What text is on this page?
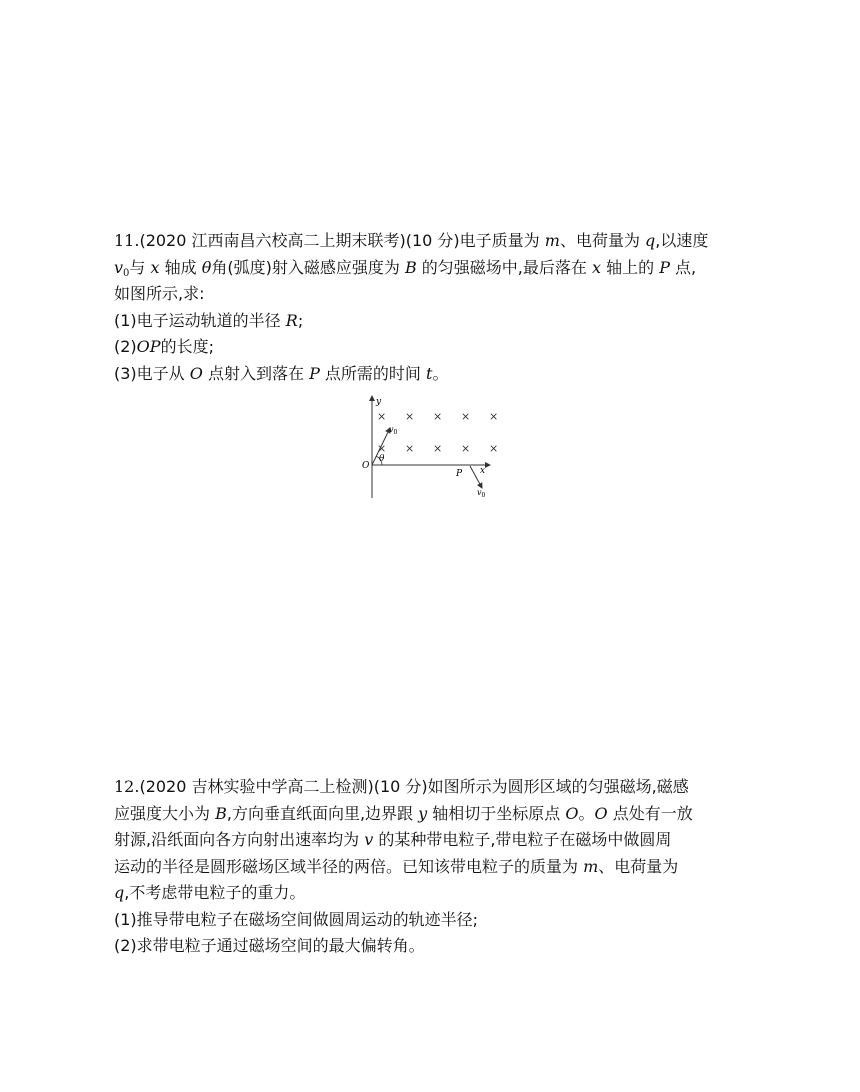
11.(2020 江西南昌六校高二上期末联考)(10 分)电子质量为 m、电荷量为 q,以速度
$v_0$与 x 轴成 θ角(弧度)射入磁感应强度为 B 的匀强磁场中,最后落在 x 轴上的 P 点,
如图所示,求:
(1)电子运动轨道的半径 R;
(2)OP的长度;
(3)电子从 O 点射入到落在 P 点所需的时间 t。
y
x
O
× × × × ×
× × × × ×
$v_0$
θ
P
$v_0$
12.(2020 吉林实验中学高二上检测)(10 分)如图所示为圆形区域的匀强磁场,磁感
应强度大小为 B,方向垂直纸面向里,边界跟 y 轴相切于坐标原点 O。O 点处有一放
射源,沿纸面向各方向射出速率均为 v 的某种带电粒子,带电粒子在磁场中做圆周
运动的半径是圆形磁场区域半径的两倍。已知该带电粒子的质量为 m、电荷量为
q,不考虑带电粒子的重力。
(1)推导带电粒子在磁场空间做圆周运动的轨迹半径;
(2)求带电粒子通过磁场空间的最大偏转角。
